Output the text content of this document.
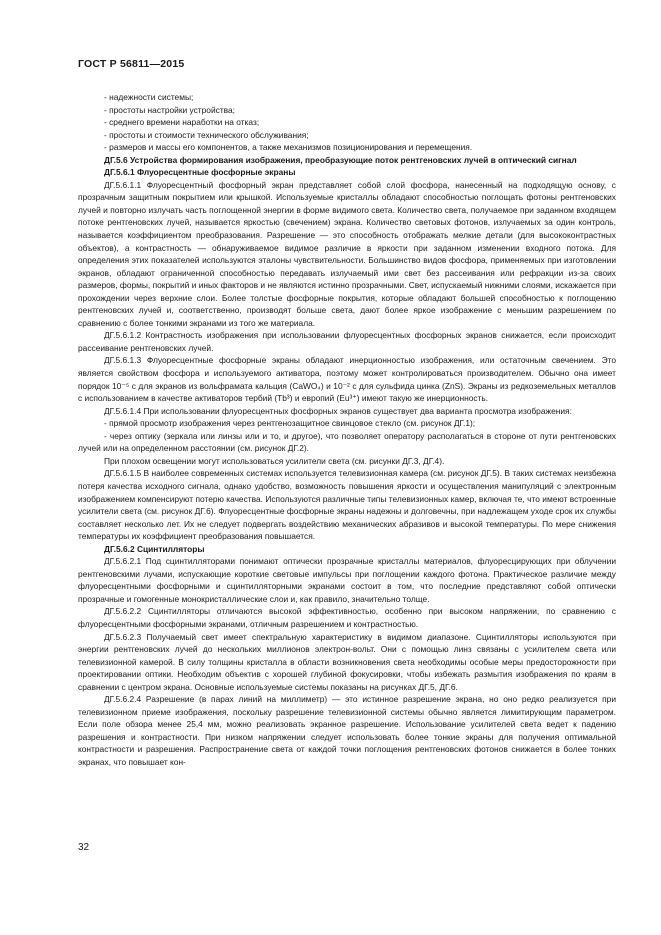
ГОСТ Р 56811—2015
- надежности системы;
- простоты настройки устройства;
- среднего времени наработки на отказ;
- простоты и стоимости технического обслуживания;
- размеров и массы его компонентов, а также механизмов позиционирования и перемещения.
ДГ.5.6 Устройства формирования изображения, преобразующие поток рентгеновских лучей в оптический сигнал
ДГ.5.6.1 Флуоресцентные фосфорные экраны
ДГ.5.6.1.1 Флуоресцентный фосфорный экран представляет собой слой фосфора, нанесенный на подходящую основу, с прозрачным защитным покрытием или крышкой. Используемые кристаллы обладают способностью поглощать фотоны рентгеновских лучей и повторно излучать часть поглощенной энергии в форме видимого света. Количество света, получаемое при заданном входящем потоке рентгеновских лучей, называется яркостью (свечением) экрана. Количество световых фотонов, излучаемых за один контроль, называется коэффициентом преобразования. Разрешение — это способность отображать мелкие детали (для высококонтрастных объектов), а контрастность — обнаруживаемое видимое различие в яркости при заданном изменении входного потока. Для определения этих показателей используются эталоны чувствительности. Большинство видов фосфора, применяемых при изготовлении экранов, обладают ограниченной способностью передавать излучаемый ими свет без рассеивания или рефракции из-за своих размеров, формы, покрытий и иных факторов и не являются истинно прозрачными. Свет, испускаемый нижними слоями, искажается при прохождении через верхние слои. Более толстые фосфорные покрытия, которые обладают большей способностью к поглощению рентгеновских лучей и, соответственно, производят больше света, дают более яркое изображение с меньшим разрешением по сравнению с более тонкими экранами из того же материала.
ДГ.5.6.1.2 Контрастность изображения при использовании флуоресцентных фосфорных экранов снижается, если происходит рассеивание рентгеновских лучей.
ДГ.5.6.1.3 Флуоресцентные фосфорные экраны обладают инерционностью изображения, или остаточным свечением. Это является свойством фосфора и используемого активатора, поэтому может контролироваться производителем. Обычно она имеет порядок 10⁻⁵ с для экранов из вольфрамата кальция (CaWO₄) и 10⁻² с для сульфида цинка (ZnS). Экраны из редкоземельных металлов с использованием в качестве активаторов тербий (Tb³) и европий (Eu³⁺) имеют такую же инерционность.
ДГ.5.6.1.4 При использовании флуоресцентных фосфорных экранов существует два варианта просмотра изображения:
- прямой просмотр изображения через рентгенозащитное свинцовое стекло (см. рисунок ДГ.1);
- через оптику (зеркала или линзы или и то, и другое), что позволяет оператору располагаться в стороне от пути рентгеновских лучей или на определенном расстоянии (см. рисунок ДГ.2).
При плохом освещении могут использоваться усилители света (см. рисунки ДГ.3, ДГ.4).
ДГ.5.6.1.5 В наиболее современных системах используется телевизионная камера (см. рисунок ДГ.5). В таких системах неизбежна потеря качества исходного сигнала, однако удобство, возможность повышения яркости и осуществления манипуляций с электронным изображением компенсируют потерю качества. Используются различные типы телевизионных камер, включая те, что имеют встроенные усилители света (см. рисунок ДГ.6). Флуоресцентные фосфорные экраны надежны и долговечны, при надлежащем уходе срок их службы составляет несколько лет. Их не следует подвергать воздействию механических абразивов и высокой температуры. По мере снижения температуры их коэффициент преобразования повышается.
ДГ.5.6.2 Сцинтилляторы
ДГ.5.6.2.1 Под сцинтилляторами понимают оптически прозрачные кристаллы материалов, флуоресцирующих при облучении рентгеновскими лучами, испускающие короткие световые импульсы при поглощении каждого фотона. Практическое различие между флуоресцентными фосфорными и сцинтилляторными экранами состоит в том, что последние представляют собой оптически прозрачные и гомогенные монокристаллические слои и, как правило, значительно толще.
ДГ.5.6.2.2 Сцинтилляторы отличаются высокой эффективностью, особенно при высоком напряжении, по сравнению с флуоресцентными фосфорными экранами, отличным разрешением и контрастностью.
ДГ.5.6.2.3 Получаемый свет имеет спектральную характеристику в видимом диапазоне. Сцинтилляторы используются при энергии рентгеновских лучей до нескольких миллионов электрон-вольт. Они с помощью линз связаны с усилителем света или телевизионной камерой. В силу толщины кристалла в области возникновения света необходимы особые меры предосторожности при проектировании оптики. Необходим объектив с хорошей глубиной фокусировки, чтобы избежать размытия изображения по краям в сравнении с центром экрана. Основные используемые системы показаны на рисунках ДГ.5, ДГ.6.
ДГ.5.6.2.4 Разрешение (в парах линий на миллиметр) — это истинное разрешение экрана, но оно редко реализуется при телевизионном приеме изображения, поскольку разрешение телевизионной системы обычно является лимитирующим параметром. Если поле обзора менее 25,4 мм, можно реализовать экранное разрешение. Использование усилителей света ведет к падению разрешения и контрастности. При низком напряжении следует использовать более тонкие экраны для получения оптимальной контрастности и разрешения. Распространение света от каждой точки поглощения рентгеновских фотонов снижается в более тонких экранах, что повышает кон-
32
